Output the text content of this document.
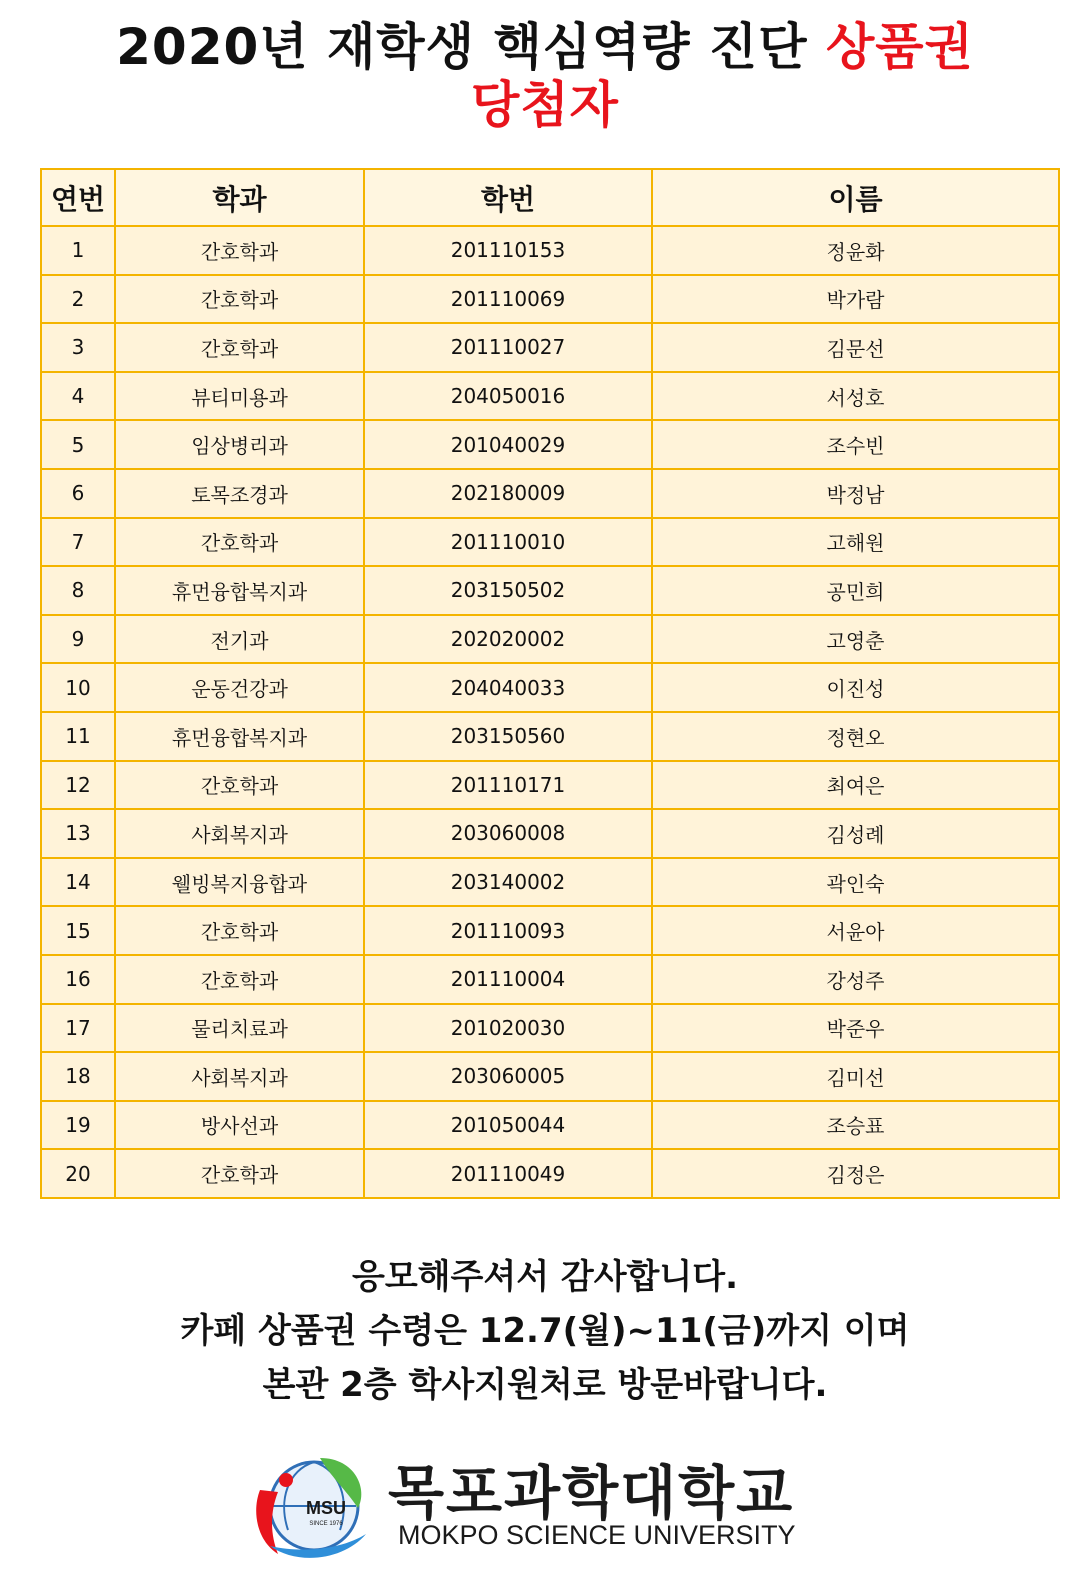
2020년 재학생 핵심역량 진단 상품권
당첨자
연번	학과	학번	이름
1	간호학과	201110153	정윤화
2	간호학과	201110069	박가람
3	간호학과	201110027	김문선
4	뷰티미용과	204050016	서성호
5	임상병리과	201040029	조수빈
6	토목조경과	202180009	박정남
7	간호학과	201110010	고해원
8	휴먼융합복지과	203150502	공민희
9	전기과	202020002	고영춘
10	운동건강과	204040033	이진성
11	휴먼융합복지과	203150560	정현오
12	간호학과	201110171	최여은
13	사회복지과	203060008	김성례
14	웰빙복지융합과	203140002	곽인숙
15	간호학과	201110093	서윤아
16	간호학과	201110004	강성주
17	물리치료과	201020030	박준우
18	사회복지과	203060005	김미선
19	방사선과	201050044	조승표
20	간호학과	201110049	김정은
응모해주셔서 감사합니다.
카페 상품권 수령은 12.7(월)~11(금)까지 이며
본관 2층 학사지원처로 방문바랍니다.
MSU
SINCE 1976 목포과학대학교
MOKPO SCIENCE UNIVERSITY
